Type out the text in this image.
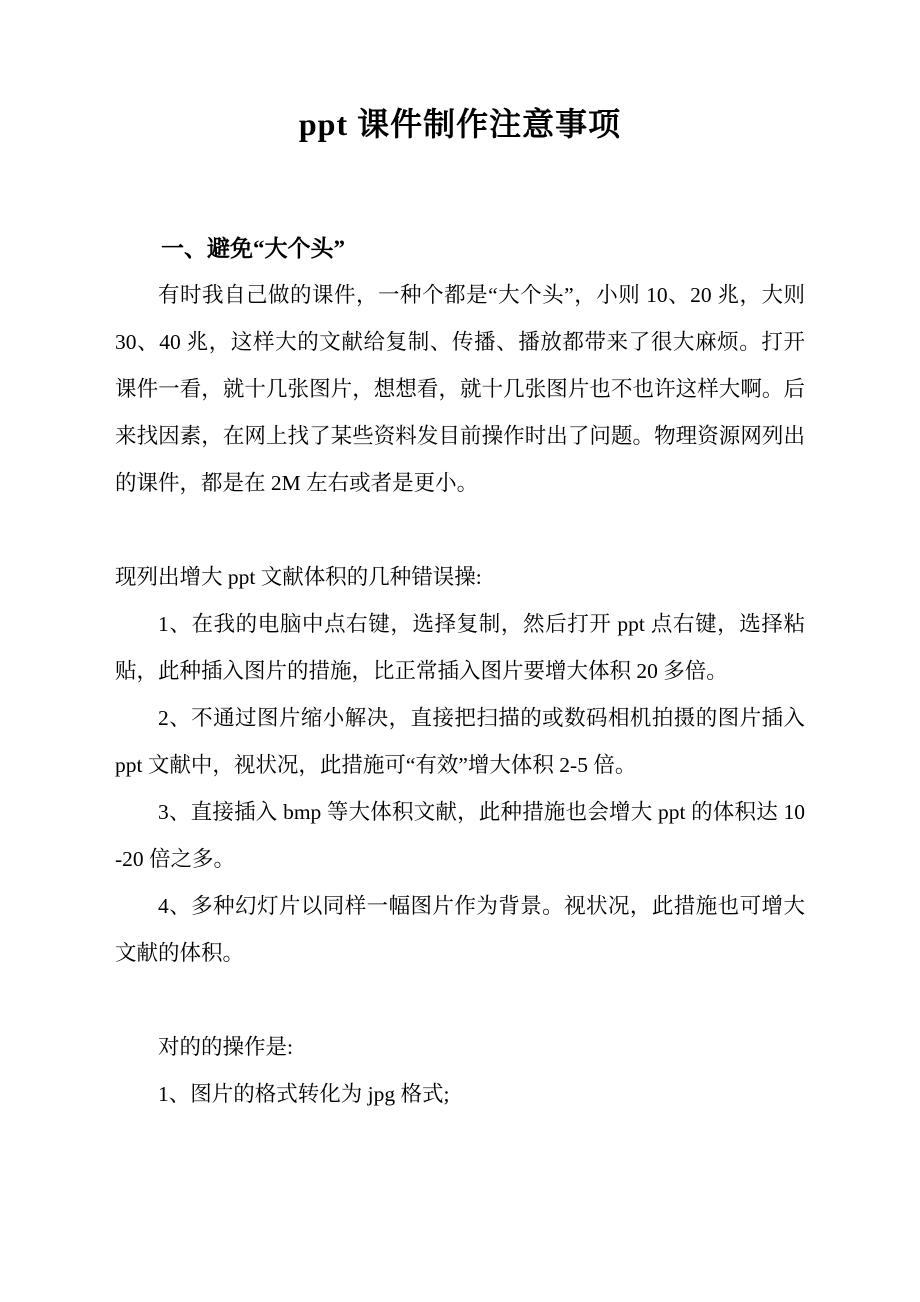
ppt 课件制作注意事项

一、避免“大个头”

有时我自己做的课件，一种个都是“大个头”，小则 10、20 兆，大则 30、40 兆，这样大的文献给复制、传播、播放都带来了很大麻烦。打开课件一看，就十几张图片，想想看，就十几张图片也不也许这样大啊。后来找因素，在网上找了某些资料发目前操作时出了问题。物理资源网列出的课件，都是在 2M 左右或者是更小。

现列出增大 ppt 文献体积的几种错误操:

1、在我的电脑中点右键，选择复制，然后打开 ppt 点右键，选择粘贴，此种插入图片的措施，比正常插入图片要增大体积 20 多倍。

2、不通过图片缩小解决，直接把扫描的或数码相机拍摄的图片插入 ppt 文献中，视状况，此措施可“有效”增大体积 2-5 倍。

3、直接插入 bmp 等大体积文献，此种措施也会增大 ppt 的体积达 10-20 倍之多。

4、多种幻灯片以同样一幅图片作为背景。视状况，此措施也可增大文献的体积。

对的的操作是:

1、图片的格式转化为 jpg 格式;
